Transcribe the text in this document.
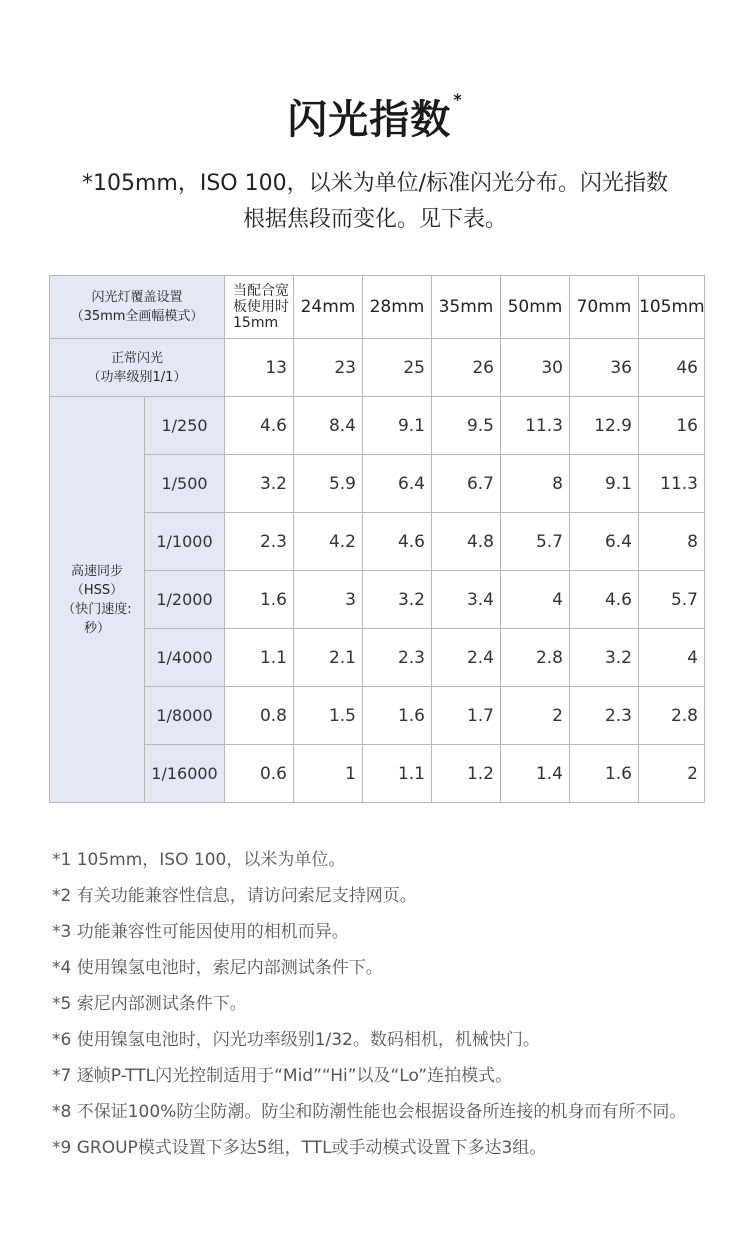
闪光指数 *
*105mm，ISO 100，以米为单位/标准闪光分布。闪光指数
根据焦段而变化。见下表。
闪光灯覆盖设置
（35mm全画幅模式）		当配合宽板使用时15mm	24mm	28mm	35mm	50mm	70mm	105mm

正常闪光
（功率级别1/1）		13	23	25	26	30	36	46

高速同步
（HSS）
（快门速度:
秒）	1/250	4.6	8.4	9.1	9.5	11.3	12.9	16
	1/500	3.2	5.9	6.4	6.7	8	9.1	11.3
	1/1000	2.3	4.2	4.6	4.8	5.7	6.4	8
	1/2000	1.6	3	3.2	3.4	4	4.6	5.7
	1/4000	1.1	2.1	2.3	2.4	2.8	3.2	4
	1/8000	0.8	1.5	1.6	1.7	2	2.3	2.8
	1/16000	0.6	1	1.1	1.2	1.4	1.6	2
*1 105mm，ISO 100，以米为单位。
*2 有关功能兼容性信息，请访问索尼支持网页。
*3 功能兼容性可能因使用的相机而异。
*4 使用镍氢电池时，索尼内部测试条件下。
*5 索尼内部测试条件下。
*6 使用镍氢电池时，闪光功率级别1/32。数码相机，机械快门。
*7 逐帧P-TTL闪光控制适用于“Mid”“Hi”以及“Lo”连拍模式。
*8 不保证100%防尘防潮。防尘和防潮性能也会根据设备所连接的机身而有所不同。
*9 GROUP模式设置下多达5组，TTL或手动模式设置下多达3组。
